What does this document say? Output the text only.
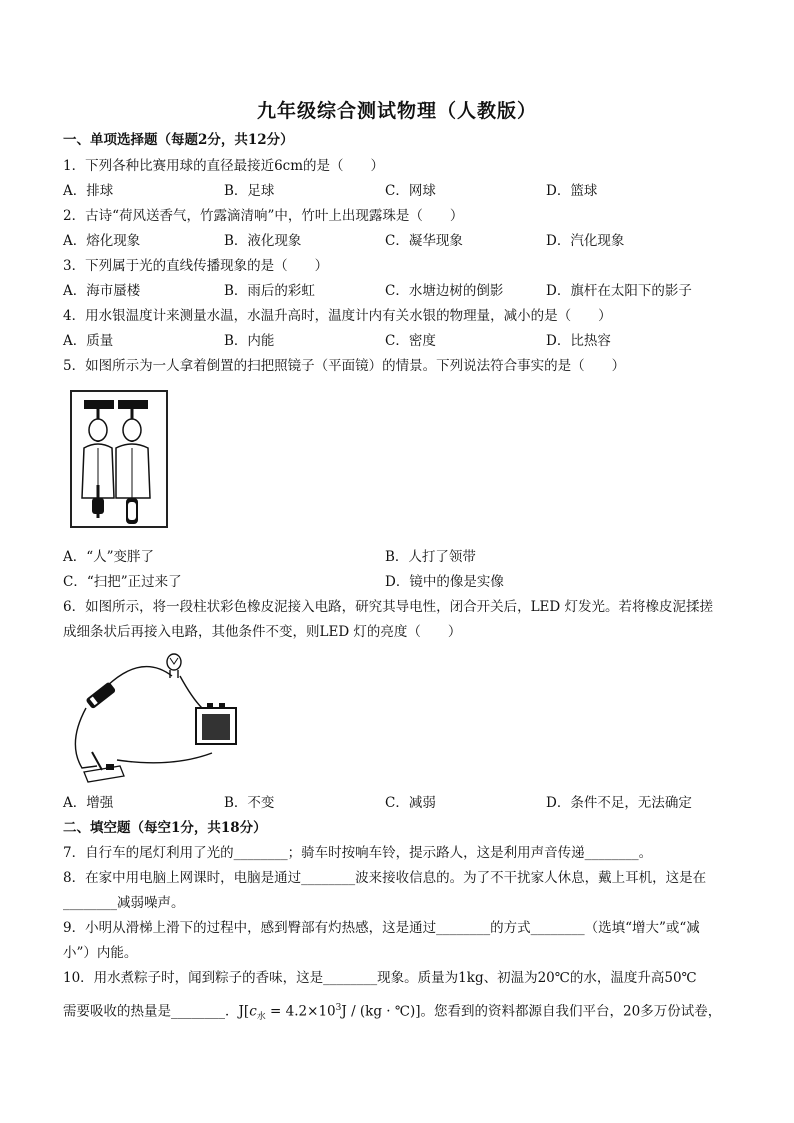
九年级综合测试物理（人教版）
一、单项选择题（每题2分，共12分）
1．下列各种比赛用球的直径最接近6cm的是（　　）
A．排球	B．足球	C．网球	D．篮球
2．古诗“荷风送香气，竹露滴清响”中，竹叶上出现露珠是（　　）
A．熔化现象	B．液化现象	C．凝华现象	D．汽化现象
3．下列属于光的直线传播现象的是（　　）
A．海市蜃楼	B．雨后的彩虹	C．水塘边树的倒影	D．旗杆在太阳下的影子
4．用水银温度计来测量水温，水温升高时，温度计内有关水银的物理量，减小的是（　　）
A．质量	B．内能	C．密度	D．比热容
5．如图所示为一人拿着倒置的扫把照镜子（平面镜）的情景。下列说法符合事实的是（　　）
A．“人”变胖了	B．人打了领带
C．“扫把”正过来了	D．镜中的像是实像
6．如图所示，将一段柱状彩色橡皮泥接入电路，研究其导电性，闭合开关后，LED 灯发光。若将橡皮泥揉搓
成细条状后再接入电路，其他条件不变，则LED 灯的亮度（　　）
A．增强	B．不变	C．减弱	D．条件不足，无法确定
二、填空题（每空1分，共18分）
7．自行车的尾灯利用了光的________；骑车时按响车铃，提示路人，这是利用声音传递________。
8．在家中用电脑上网课时，电脑是通过________波来接收信息的。为了不干扰家人休息，戴上耳机，这是在
________减弱噪声。
9．小明从滑梯上滑下的过程中，感到臀部有灼热感，这是通过________的方式________（选填“增大”或“减
小”）内能。
10．用水煮粽子时，闻到粽子的香味，这是________现象。质量为1kg、初温为20℃的水，温度升高50℃
需要吸收的热量是________．$J[c_水 = 4.2\times 10^3J / (kg$ · ℃)]。您看到的资料都源自我们平台，20多万份试卷，
